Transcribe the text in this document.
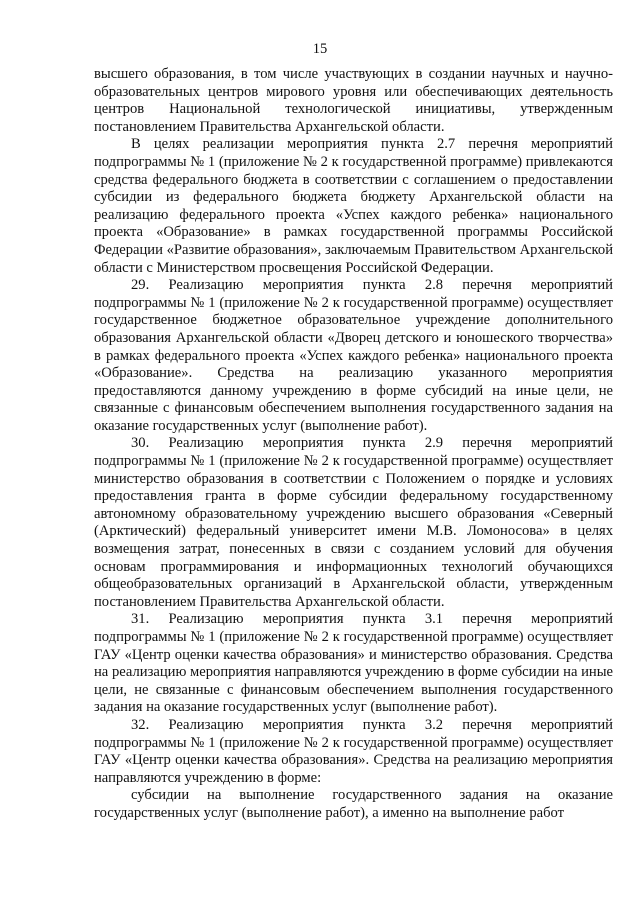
15

высшего образования, в том числе участвующих в создании научных и научно-образовательных центров мирового уровня или обеспечивающих деятельность центров Национальной технологической инициативы, утвержденным постановлением Правительства Архангельской области.

В целях реализации мероприятия пункта 2.7 перечня мероприятий подпрограммы № 1 (приложение № 2 к государственной программе) привлекаются средства федерального бюджета в соответствии с соглашением о предоставлении субсидии из федерального бюджета бюджету Архангельской области на реализацию федерального проекта «Успех каждого ребенка» национального проекта «Образование» в рамках государственной программы Российской Федерации «Развитие образования», заключаемым Правительством Архангельской области с Министерством просвещения Российской Федерации.

29. Реализацию мероприятия пункта 2.8 перечня мероприятий подпрограммы № 1 (приложение № 2 к государственной программе) осуществляет государственное бюджетное образовательное учреждение дополнительного образования Архангельской области «Дворец детского и юношеского творчества» в рамках федерального проекта «Успех каждого ребенка» национального проекта «Образование». Средства на реализацию указанного мероприятия предоставляются данному учреждению в форме субсидий на иные цели, не связанные с финансовым обеспечением выполнения государственного задания на оказание государственных услуг (выполнение работ).

30. Реализацию мероприятия пункта 2.9 перечня мероприятий подпрограммы № 1 (приложение № 2 к государственной программе) осуществляет министерство образования в соответствии с Положением о порядке и условиях предоставления гранта в форме субсидии федеральному государственному автономному образовательному учреждению высшего образования «Северный (Арктический) федеральный университет имени М.В. Ломоносова» в целях возмещения затрат, понесенных в связи с созданием условий для обучения основам программирования и информационных технологий обучающихся общеобразовательных организаций в Архангельской области, утвержденным постановлением Правительства Архангельской области.

31. Реализацию мероприятия пункта 3.1 перечня мероприятий подпрограммы № 1 (приложение № 2 к государственной программе) осуществляет ГАУ «Центр оценки качества образования» и министерство образования. Средства на реализацию мероприятия направляются учреждению в форме субсидии на иные цели, не связанные с финансовым обеспечением выполнения государственного задания на оказание государственных услуг (выполнение работ).

32. Реализацию мероприятия пункта 3.2 перечня мероприятий подпрограммы № 1 (приложение № 2 к государственной программе) осуществляет ГАУ «Центр оценки качества образования». Средства на реализацию мероприятия направляются учреждению в форме:

субсидии на выполнение государственного задания на оказание государственных услуг (выполнение работ), а именно на выполнение работ
